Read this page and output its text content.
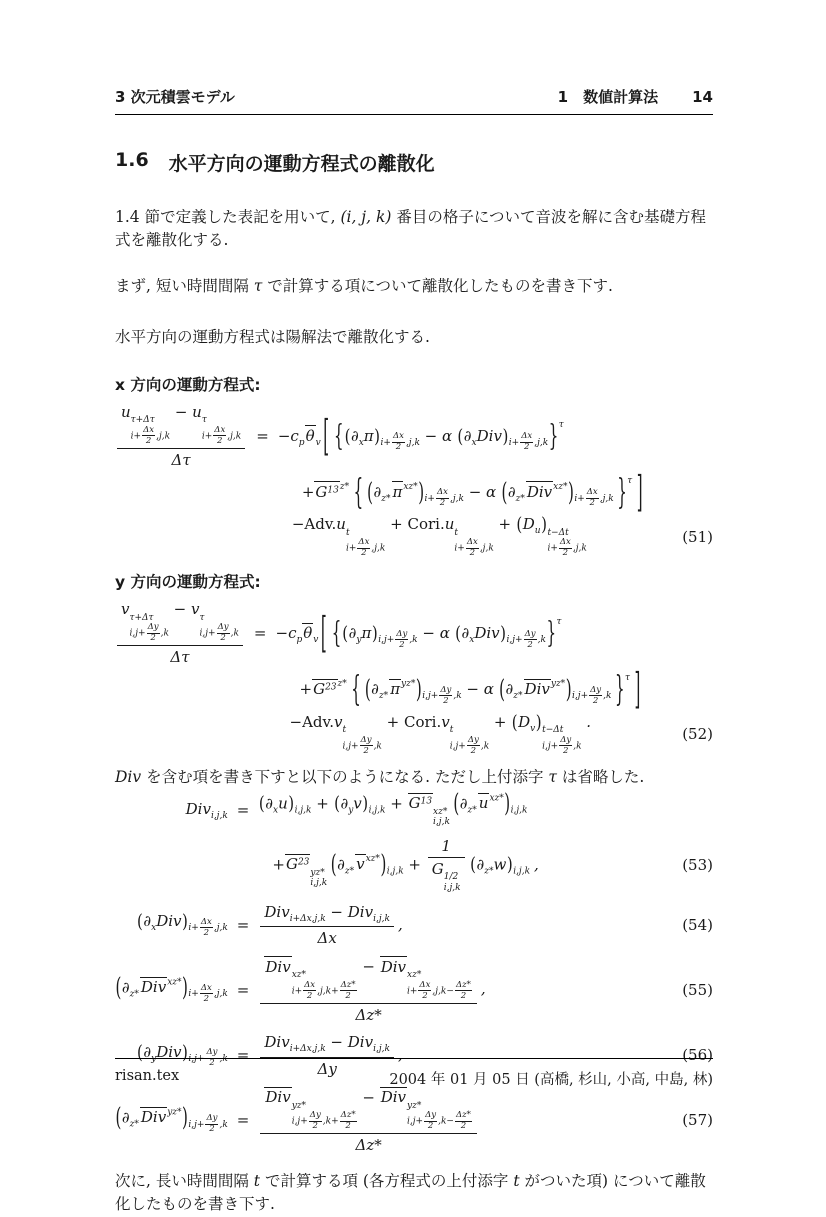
3 次元積雲モデル	1　数値計算法 14
1.6 水平方向の運動方程式の離散化
1.4 節で定義した表記を用いて, (i, j, k) 番目の格子について音波を解に含む基礎方程式を離散化する.
まず, 短い時間間隔 τ で計算する項について離散化したものを書き下す.
水平方向の運動方程式は陽解法で離散化する.
x 方向の運動方程式:
u τ+Δτ
$i+ \frac{\Delta x}{2} ,j,k$
− u τ
$i+ \frac{\Delta x}{2} ,j,k$
Δτ
= $-c_p\theta_v$ [ {$(\partial_x\pi)_{i+ \frac{\Delta x}{2} ,j,k} - \alpha$ $(\partial_xDiv)_{i+ \frac{\Delta x}{2} ,j,k}\}^\tau$
$+G^{13z*}$ { ($\partial_{z*}$ $\pi^{xz*})_{i+ \frac{\Delta x}{2} ,j,k} - \alpha$ ($\partial_{z*}$ $Div^{xz*})_{i+ \frac{\Delta x}{2} ,j,k}$ }$^\tau$ ]
−Adv.u t
$i+ \frac{\Delta x}{2} ,j,k$
+ Cori.u t
$i+ \frac{\Delta x}{2} ,j,k$
+ $(D_u)$ t−Δt
$i+ \frac{\Delta x}{2} ,j,k$
(51)
y 方向の運動方程式:
v τ+Δτ
$i,j+ \frac{\Delta y}{2} ,k$
− v τ
$i,j+ \frac{\Delta y}{2} ,k$
Δτ
= $-c_p\theta_v$ [ {$(\partial_y\pi)_{i,j+ \frac{\Delta y}{2} ,k} - \alpha$ $(\partial_xDiv)_{i,j+ \frac{\Delta y}{2} ,k}\}^\tau$
$+G^{23z*}$ { ($\partial_{z*}$ $\pi^{yz*})_{i,j+ \frac{\Delta y}{2} ,k} - \alpha$ ($\partial_{z*}$ $Div^{yz*})_{i,j+ \frac{\Delta y}{2} ,k}$ }$^\tau$ ]
−Adv.v t
$i,j+ \frac{\Delta y}{2} ,k$
+ Cori.v t
$i,j+ \frac{\Delta y}{2} ,k$
+ $(D_v)$ t−Δt
$i,j+ \frac{\Delta y}{2} ,k$
.
(52)
Div を含む項を書き下すと以下のようになる. ただし上付添字 τ は省略した.
$Div_{i,j,k} = (\partial_xu)_{i,j,k} + (\partial_yv)_{i,j,k} + G^{13}$
xz*
i,j,k
($\partial_{z*}$ $u^{xz*})_{i,j,k}$
$+G^{23}$
yz*
i,j,k
($\partial_{z*}$ $v^{xz*})_{i,j,k} + 1$
G 1/2
i,j,k $(\partial_{z*}w)_{i,j,k}$ ,	(53)
$(\partial_xDiv)_{i+ \frac{\Delta x}{2} ,j,k}$ =
Div$_{i+\Delta x,j,k}$ − Div$_{i,j,k}$
Δx
,	(54)
($\partial_{z*}$ $Div^{xz*})_{i+ \frac{\Delta x}{2} ,j,k}$ =
Div xz*
$i+ \frac{\Delta x}{2} ,j,k+ \frac{\Delta z*}{2}$
− Div xz*
$i+ \frac{\Delta x}{2} ,j,k- \frac{\Delta z*}{2}$
Δz*
,	(55)
$(\partial_yDiv)_{i,j+ \frac{\Delta y}{2} ,k}$ =
Div$_{i+\Delta x,j,k}$ − Div$_{i,j,k}$
Δy
,	(56)
($\partial_{z*}$ $Div^{yz*})_{i,j+ \frac{\Delta y}{2} ,k}$ =
Div yz*
$i,j+ \frac{\Delta y}{2} ,k+ \frac{\Delta z*}{2}$
− Div yz*
$i,j+ \frac{\Delta y}{2} ,k- \frac{\Delta z*}{2}$
Δz*
(57)
次に, 長い時間間隔 t で計算する項 (各方程式の上付添字 t がついた項) について離散化したものを書き下す.
risan.tex	2004 年 01 月 05 日 (高橋, 杉山, 小高, 中島, 林)
